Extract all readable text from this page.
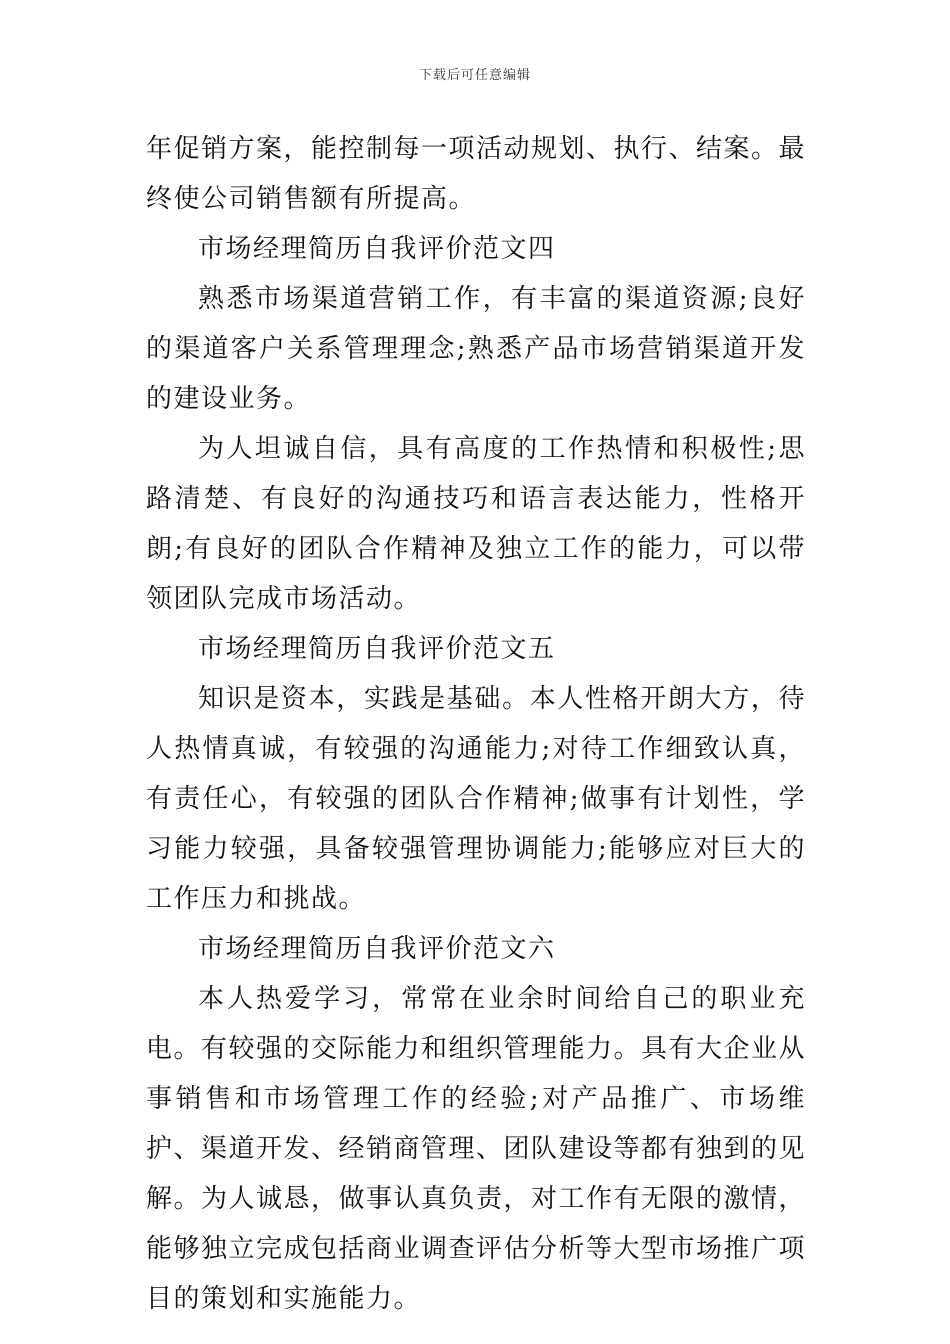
下载后可任意编辑

年促销方案，能控制每一项活动规划、执行、结案。最终使公司销售额有所提高。

市场经理简历自我评价范文四

熟悉市场渠道营销工作，有丰富的渠道资源;良好的渠道客户关系管理理念;熟悉产品市场营销渠道开发的建设业务。

为人坦诚自信，具有高度的工作热情和积极性;思路清楚、有良好的沟通技巧和语言表达能力，性格开朗;有良好的团队合作精神及独立工作的能力，可以带领团队完成市场活动。

市场经理简历自我评价范文五

知识是资本，实践是基础。本人性格开朗大方，待人热情真诚，有较强的沟通能力;对待工作细致认真，有责任心，有较强的团队合作精神;做事有计划性，学习能力较强，具备较强管理协调能力;能够应对巨大的工作压力和挑战。

市场经理简历自我评价范文六

本人热爱学习，常常在业余时间给自己的职业充电。有较强的交际能力和组织管理能力。具有大企业从事销售和市场管理工作的经验;对产品推广、市场维护、渠道开发、经销商管理、团队建设等都有独到的见解。为人诚恳，做事认真负责，对工作有无限的激情，能够独立完成包括商业调查评估分析等大型市场推广项目的策划和实施能力。
